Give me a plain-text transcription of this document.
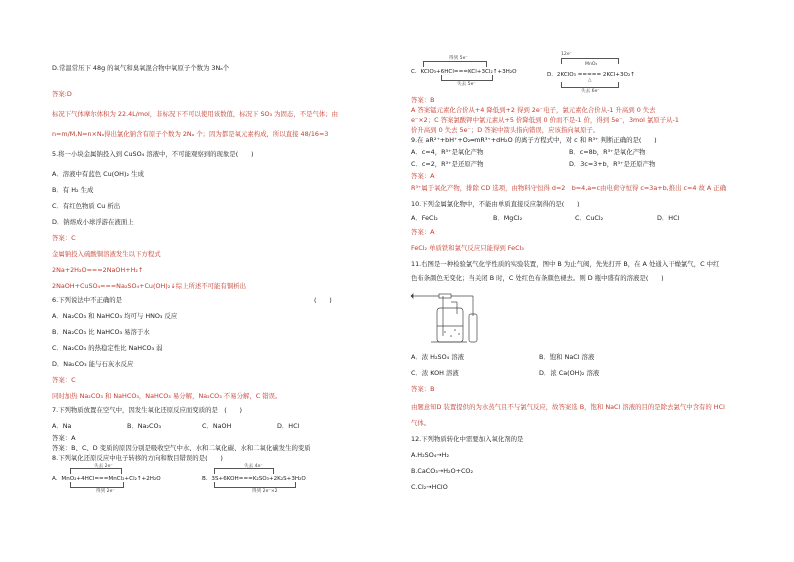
D.常温常压下 48g 的氧气和臭氧混合物中氧原子个数为 3Nₐ个
答案:D
标况下气体摩尔体积为 22.4L/mol，非标况下不可以使用该数值，标况下 SO₃ 为固态，不是气体；由
n=m/M,N=n×Nₐ得出氯化钠含有原子个数为 2Nₐ 个；因为都是氧元素构成，所以直接 48/16=3
5.将一小块金属钠投入到 CuSO₄ 溶液中，不可能观察到的现象是(　　)
A．溶液中有蓝色 Cu(OH)₂ 生成
B．有 H₂ 生成
C．有红色物质 Cu 析出
D．钠熔成小球浮游在液面上
答案：C
金属钠投入硫酸铜溶液发生以下方程式
2Na+2H₂O===2NaOH+H₂↑
2NaOH+CuSO₄===Na₂SO₄+Cu(OH)₂↓综上所述不可能有铜析出
6.下列说法中不正确的是	(　　)
A．Na₂CO₃ 和 NaHCO₃ 均可与 HNO₃ 反应
B．Na₂CO₃ 比 NaHCO₃ 易溶于水
C．Na₂CO₃ 的热稳定性比 NaHCO₃ 弱
D．Na₂CO₃ 能与石灰水反应
答案：C
同时加热 Na₂CO₃ 和 NaHCO₃，NaHCO₃ 易分解，Na₂CO₃ 不易分解，C 错误。
7.下列物质放置在空气中，因发生氧化还原反应而变质的是　(　　)
A．Na	B．Na₂CO₃	C．NaOH	D．HCl
答案：A
答案：B、C、D 变质的原因分别是吸收空气中水、水和二氧化碳、水和二氧化碳发生的变质
8.下列氧化还原反应中电子转移的方向和数目错误的是(　　)
失去 2e⁻
A．MnO₂+4HCl===MnCl₂+Cl₂↑+2H₂O
得到 2e⁻
失去 4e⁻
B．3S+6KOH===K₂SO₃+2K₂S+3H₂O
得到 2e⁻×2
得到 5e⁻
C．KClO₃+6HCl===KCl+3Cl₂↑+3H₂O
失去 5e⁻
12e⁻
MnO₂
D．2KClO₃ ===== 2KCl+3O₂↑
△
失去 6e⁻
答案：B
A 答案锰元素化合价从+4 降低到+2 得到 2e⁻电子，氯元素化合价从-1 升高到 0 失去
e⁻×2；C 答案氯酸钾中氯元素从+5 价降低到 0 价而不是-1 价，得到 5e⁻，3mol 氯原子从-1
价升高到 0 失去 5e⁻；D 答案中箭头指向错误，应该指向氧原子。
9.在 aR²⁺+bH⁺+O₂═mR³⁺+dH₂O 的离子方程式中，对 c 和 R³⁺ 判断正确的是(　　)
A．c=4，R³⁺是氧化产物	B．c=8b，R³⁺是氧化产物
C．c=2，R³⁺是还原产物	D．3c=3+b，R³⁺是还原产物
答案：A
R³⁺属于氧化产物，排除 CD 选项，由物料守恒得 d=2　b=4,a=c由电荷守恒得 c=3a+b,推出 c=4 故 A 正确
10.下列金属氯化物中，不能由单质直接反应制得的是(　　)
A．FeCl₂	B．MgCl₂	C．CuCl₂	D．HCl
答案：A
FeCl₂ 单质铁和氯气反应只能得到 FeCl₃
11.右图是一种检验氯气化学性质的实验装置，图中 B 为止气阀，先先打开 B，在 A 处通入干燥氯气，C 中红
色布条颜色无变化；当关闭 B 时，C 处红色布条颜色褪去。则 D 瓶中盛有的溶液是(　　)
A．浓 H₂SO₄ 溶液	B．饱和 NaCl 溶液
C．浓 KOH 溶液	D．浓 Ca(OH)₂ 溶液
答案：B
由题意知D 装置提供的为水蒸气且不与氯气反应，故答案选 B，饱和 NaCl 溶液的目的是除去氯气中含有的 HCl
气体。
12.下列物质转化中需要加入氧化剂的是
A.H₂SO₄→H₂
B.CaCO₃→H₂O+CO₂
C.Cl₂→HClO
